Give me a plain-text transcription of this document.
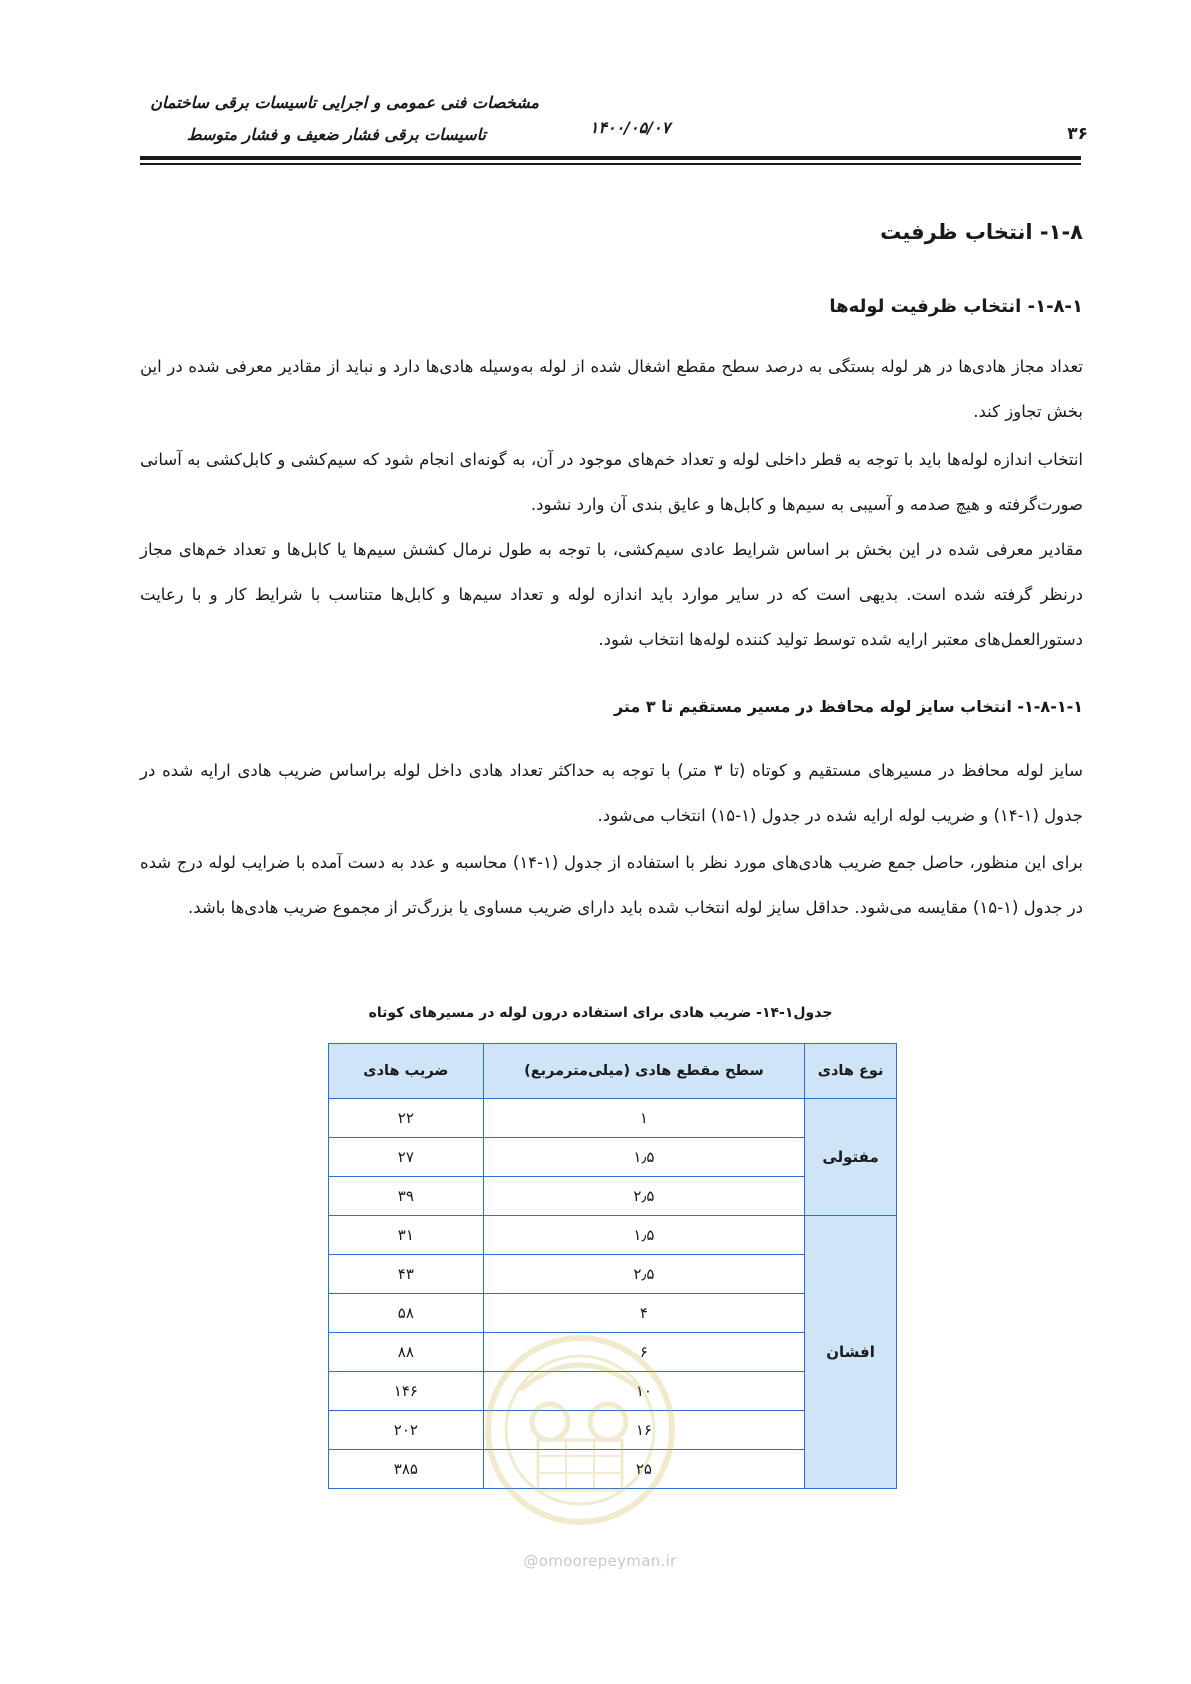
مشخصات فنی عمومی و اجرایی تاسیسات برقی ساختمان
تاسیسات برقی فشار ضعیف و فشار متوسط	۱۴۰۰/۰۵/۰۷	۳۶
۱-۸- انتخاب ظرفیت
۱-۸-۱- انتخاب ظرفیت لوله‌ها
تعداد مجاز هادی‌ها در هر لوله بستگی به درصد سطح مقطع اشغال شده از لوله به‌وسیله هادی‌ها دارد و نباید از مقادیر معرفی شده در این بخش تجاوز کند.
انتخاب اندازه لوله‌ها باید با توجه به قطر داخلی لوله و تعداد خم‌های موجود در آن، به گونه‌ای انجام شود که سیم‌کشی و کابل‌کشی به آسانی صورت‌گرفته و هیچ صدمه و آسیبی به سیم‌ها و کابل‌ها و عایق بندی آن وارد نشود.
مقادیر معرفی شده در این بخش بر اساس شرایط عادی سیم‌کشی، با توجه به طول نرمال کشش سیم‌ها یا کابل‌ها و تعداد خم‌های مجاز درنظر گرفته شده است. بدیهی است که در سایر موارد باید اندازه لوله و تعداد سیم‌ها و کابل‌ها متناسب با شرایط کار و با رعایت دستورالعمل‌های معتبر ارایه شده توسط تولید کننده لوله‌ها انتخاب شود.
۱-۸-۱-۱- انتخاب سایز لوله محافظ در مسیر مستقیم تا ۳ متر
سایز لوله محافظ در مسیرهای مستقیم و کوتاه (تا ۳ متر) با توجه به حداکثر تعداد هادی داخل لوله براساس ضریب هادی ارایه شده در جدول (۱-۱۴) و ضریب لوله ارایه شده در جدول (۱-۱۵) انتخاب می‌شود.
برای این منظور، حاصل جمع ضریب هادی‌های مورد نظر با استفاده از جدول (۱-۱۴) محاسبه و عدد به دست آمده با ضرایب لوله درج شده در جدول (۱-۱۵) مقایسه می‌شود. حداقل سایز لوله انتخاب شده باید دارای ضریب مساوی یا بزرگ‌تر از مجموع ضریب هادی‌ها باشد.
جدول۱-۱۴- ضریب هادی برای استفاده درون لوله در مسیرهای کوتاه
نوع هادی	سطح مقطع هادی (میلی‌مترمربع)	ضریب هادی
مفتولی	۱	۲۲
	۱٫۵	۲۷
	۲٫۵	۳۹
افشان	۱٫۵	۳۱
	۲٫۵	۴۳
	۴	۵۸
	۶	۸۸
	۱۰	۱۴۶
	۱۶	۲۰۲
	۲۵	۳۸۵
@omoorepeyman.ir
